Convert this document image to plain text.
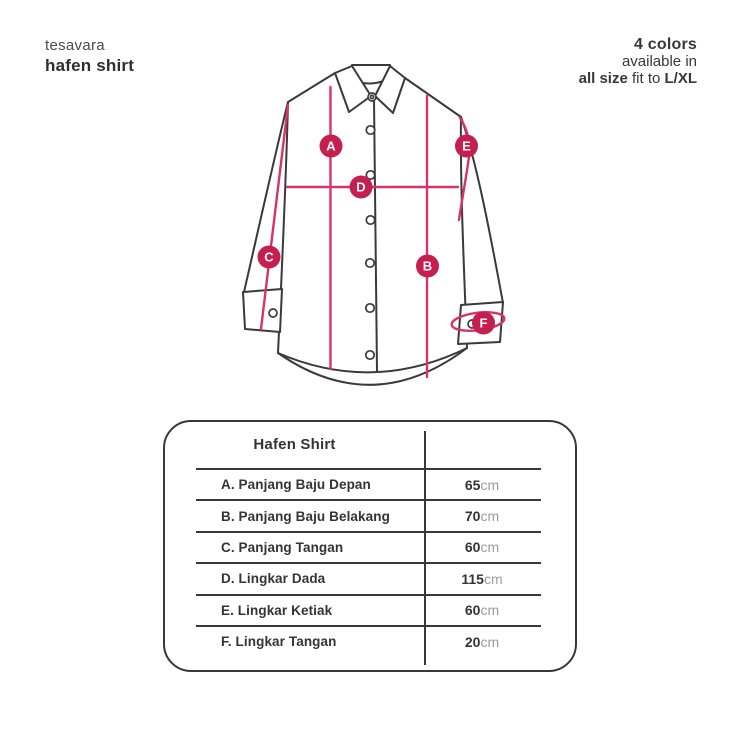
tesavara
hafen shirt
4 colors
available in
all size fit to L/XL
A
B
C
D
E
F
Hafen Shirt
A. Panjang Baju Depan	65cm
B. Panjang Baju Belakang	70cm
C. Panjang Tangan	60cm
D. Lingkar Dada	115cm
E. Lingkar Ketiak	60cm
F. Lingkar Tangan	20cm
